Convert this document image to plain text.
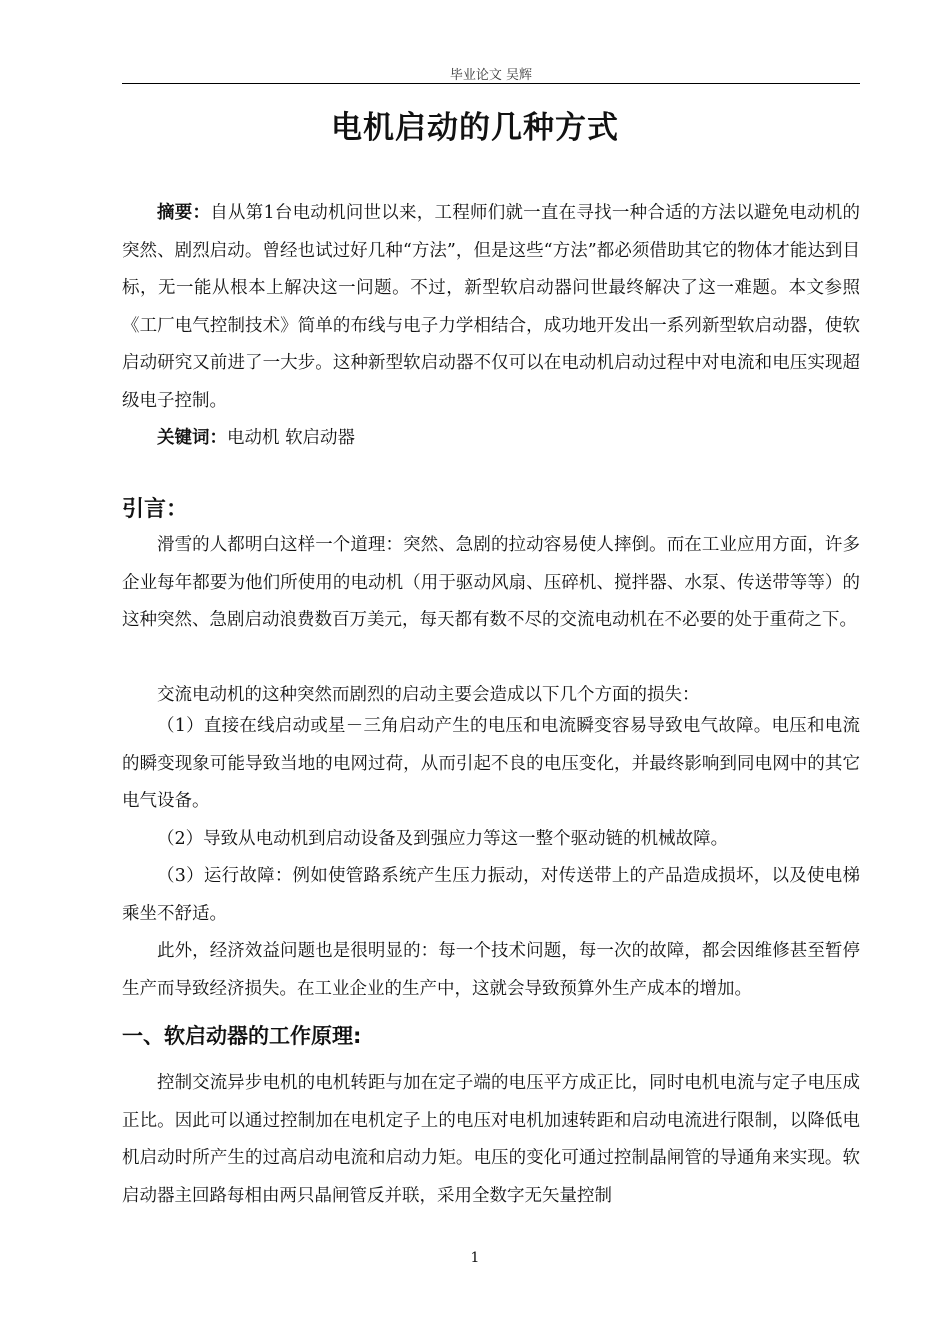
毕业论文 吴辉
电机启动的几种方式
摘要：自从第1台电动机问世以来，工程师们就一直在寻找一种合适的方法以避免电动机的突然、剧烈启动。曾经也试过好几种“方法”，但是这些“方法”都必须借助其它的物体才能达到目标，无一能从根本上解决这一问题。不过，新型软启动器问世最终解决了这一难题。本文参照《工厂电气控制技术》简单的布线与电子力学相结合，成功地开发出一系列新型软启动器，使软启动研究又前进了一大步。这种新型软启动器不仅可以在电动机启动过程中对电流和电压实现超级电子控制。
关键词：电动机 软启动器
引言：
滑雪的人都明白这样一个道理：突然、急剧的拉动容易使人摔倒。而在工业应用方面，许多企业每年都要为他们所使用的电动机（用于驱动风扇、压碎机、搅拌器、水泵、传送带等等）的这种突然、急剧启动浪费数百万美元，每天都有数不尽的交流电动机在不必要的处于重荷之下。
交流电动机的这种突然而剧烈的启动主要会造成以下几个方面的损失：
（1）直接在线启动或星－三角启动产生的电压和电流瞬变容易导致电气故障。电压和电流的瞬变现象可能导致当地的电网过荷，从而引起不良的电压变化，并最终影响到同电网中的其它电气设备。
（2）导致从电动机到启动设备及到强应力等这一整个驱动链的机械故障。
（3）运行故障：例如使管路系统产生压力振动，对传送带上的产品造成损坏，以及使电梯乘坐不舒适。
此外，经济效益问题也是很明显的：每一个技术问题，每一次的故障，都会因维修甚至暂停生产而导致经济损失。在工业企业的生产中，这就会导致预算外生产成本的增加。
一、软启动器的工作原理:
控制交流异步电机的电机转距与加在定子端的电压平方成正比，同时电机电流与定子电压成正比。因此可以通过控制加在电机定子上的电压对电机加速转距和启动电流进行限制，以降低电机启动时所产生的过高启动电流和启动力矩。电压的变化可通过控制晶闸管的导通角来实现。软启动器主回路每相由两只晶闸管反并联，采用全数字无矢量控制
1
